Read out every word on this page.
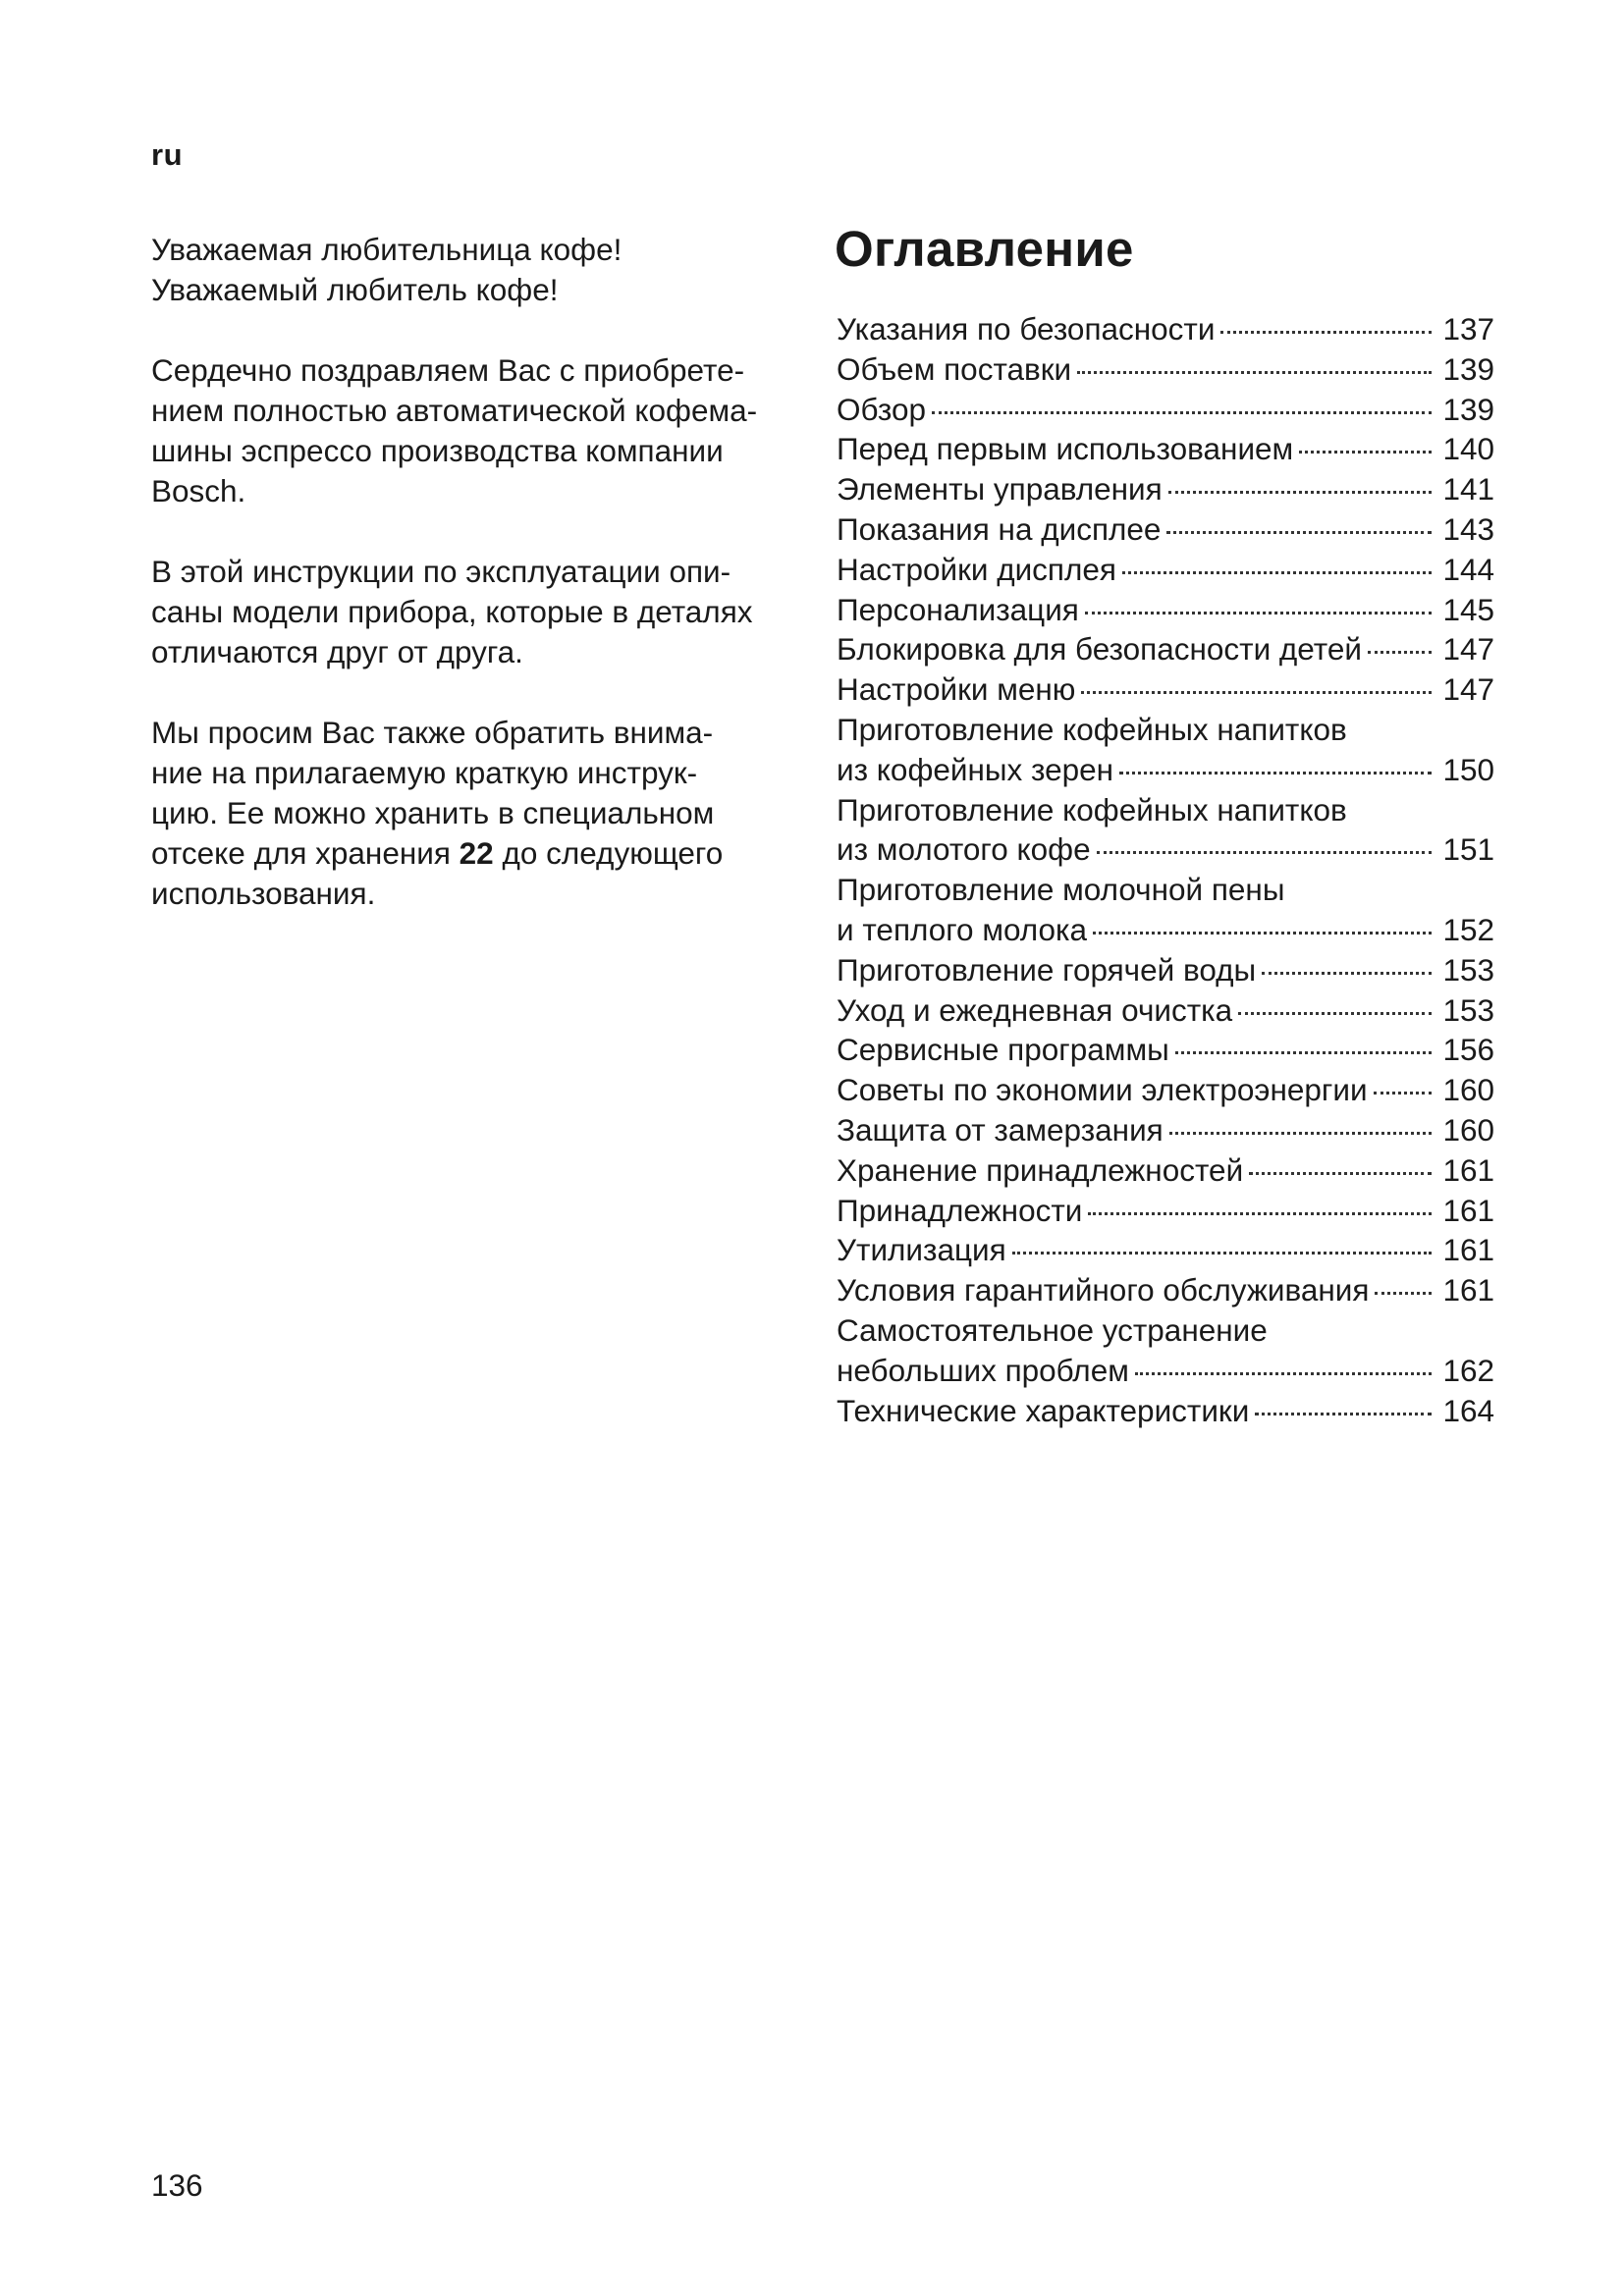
ru

Уважаемая любительница кофе!
Уважаемый любитель кофе!

Сердечно поздравляем Вас с приобрете-
нием полностью автоматической кофема-
шины эспрессо производства компании
Bosch.

В этой инструкции по эксплуатации опи-
саны модели прибора, которые в деталях
отличаются друг от друга.

Мы просим Вас также обратить внима-
ние на прилагаемую краткую инструк-
цию. Ее можно хранить в специальном
отсеке для хранения 22 до следующего
использования.

Оглавление
Указания по безопасности	137
Объем поставки	139
Обзор	139
Перед первым использованием	140
Элементы управления	141
Показания на дисплее	143
Настройки дисплея	144
Персонализация	145
Блокировка для безопасности детей	147
Настройки меню	147
Приготовление кофейных напитков
из кофейных зерен	150
Приготовление кофейных напитков
из молотого кофе	151
Приготовление молочной пены
и теплого молока	152
Приготовление горячей воды	153
Уход и ежедневная очистка	153
Сервисные программы	156
Советы по экономии электроэнергии 160
Защита от замерзания	160
Хранение принадлежностей	161
Принадлежности	161
Утилизация	161
Условия гарантийного обслуживания 161
Самостоятельное устранение
небольших проблем	162
Технические характеристики	164
136
